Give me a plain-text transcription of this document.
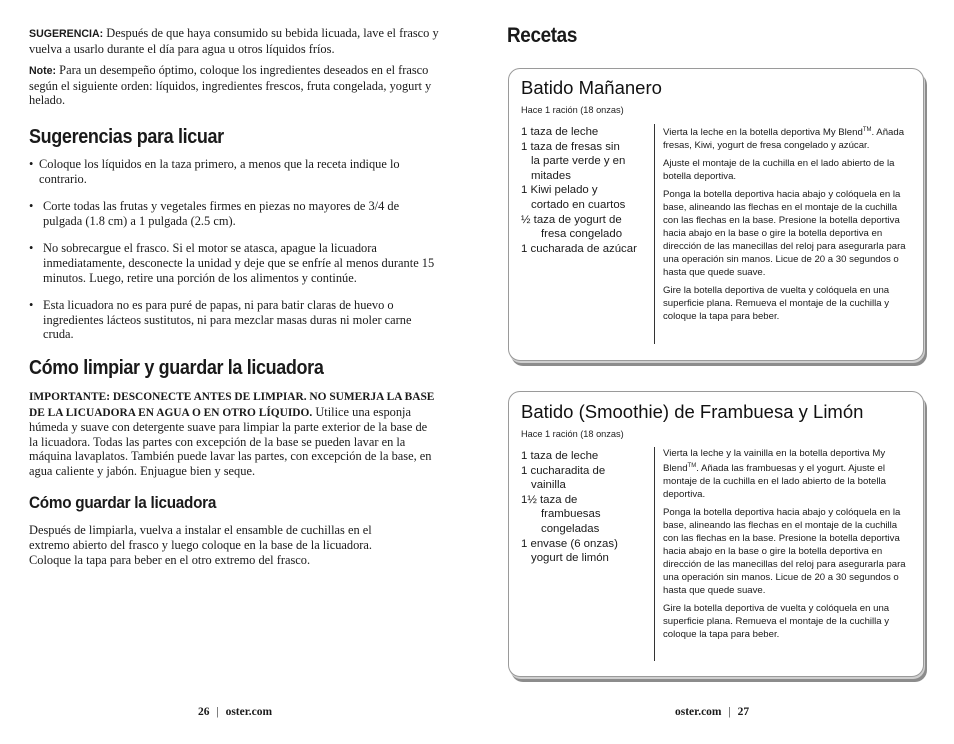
SUGERENCIA: Después de que haya consumido su bebida licuada, lave el frasco y vuelva a usarlo durante el día para agua u otros líquidos fríos.

Note: Para un desempeño óptimo, coloque los ingredientes deseados en el frasco según el siguiente orden: líquidos, ingredientes frescos, fruta congelada, yogurt y helado.

Sugerencias para licuar
• Coloque los líquidos en la taza primero, a menos que la receta indique lo contrario.
• Corte todas las frutas y vegetales firmes en piezas no mayores de 3/4 de pulgada (1.8 cm) a 1 pulgada (2.5 cm).
• No sobrecargue el frasco. Si el motor se atasca, apague la licuadora inmediatamente, desconecte la unidad y deje que se enfríe al menos durante 15 minutos. Luego, retire una porción de los alimentos y continúe.
• Esta licuadora no es para puré de papas, ni para batir claras de huevo o ingredientes lácteos sustitutos, ni para mezclar masas duras ni moler carne cruda.
Cómo limpiar y guardar la licuadora

IMPORTANTE: DESCONECTE ANTES DE LIMPIAR. NO SUMERJA LA BASE DE LA LICUADORA EN AGUA O EN OTRO LÍQUIDO. Utilice una esponja húmeda y suave con detergente suave para limpiar la parte exterior de la base de la licuadora. Todas las partes con excepción de la base se pueden lavar en la máquina lavaplatos. También puede lavar las partes, con excepción de la base, en agua caliente y jabón. Enjuague bien y seque.

Cómo guardar la licuadora

Después de limpiarla, vuelva a instalar el ensamble de cuchillas en el extremo abierto del frasco y luego coloque en la base de la licuadora. Coloque la tapa para beber en el otro extremo del frasco.

Recetas
Batido Mañanero
Hace 1 ración (18 onzas)
1 taza de leche
1 taza de fresas sin
la parte verde y en
mitades
1 Kiwi pelado y
cortado en cuartos
½ taza de yogurt de
fresa congelado
1 cucharada de azúcar

Vierta la leche en la botella deportiva My Blend™. Añada fresas, Kiwi, yogurt de fresa congelado y azúcar.

Ajuste el montaje de la cuchilla en el lado abierto de la botella deportiva.

Ponga la botella deportiva hacia abajo y colóquela en la base, alineando las flechas en el montaje de la cuchilla con las flechas en la base. Presione la botella deportiva hacia abajo en la base o gire la botella deportiva en dirección de las manecillas del reloj para asegurarla para una operación sin manos. Licue de 20 a 30 segundos o hasta que quede suave.

Gire la botella deportiva de vuelta y colóquela en una superficie plana. Remueva el montaje de la cuchilla y coloque la tapa para beber.

Batido (Smoothie) de Frambuesa y Limón
Hace 1 ración (18 onzas)
1 taza de leche
1 cucharadita de
vainilla
1½ taza de
frambuesas
congeladas
1 envase (6 onzas)
yogurt de limón

Vierta la leche y la vainilla en la botella deportiva My Blend™. Añada las frambuesas y el yogurt. Ajuste el montaje de la cuchilla en el lado abierto de la botella deportiva.

Ponga la botella deportiva hacia abajo y colóquela en la base, alineando las flechas en el montaje de la cuchilla con las flechas en la base. Presione la botella deportiva hacia abajo en la base o gire la botella deportiva en dirección de las manecillas del reloj para asegurarla para una operación sin manos. Licue de 20 a 30 segundos o hasta que quede suave.

Gire la botella deportiva de vuelta y colóquela en una superficie plana. Remueva el montaje de la cuchilla y coloque la tapa para beber.

26 | oster.com	oster.com | 27
